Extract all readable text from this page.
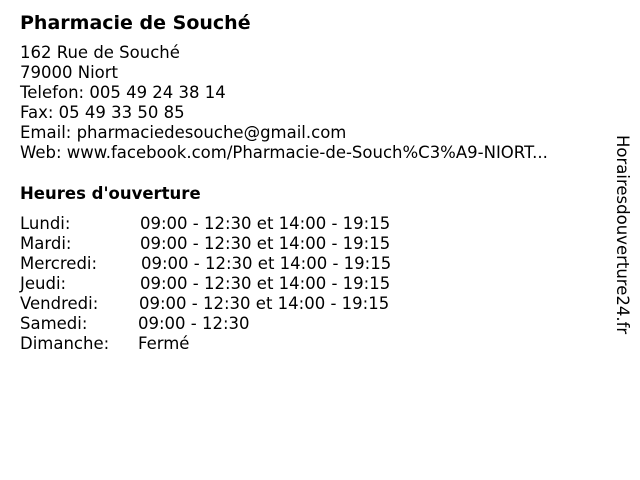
Pharmacie de Souché
162 Rue de Souché
79000 Niort
Telefon: 005 49 24 38 14
Fax: 05 49 33 50 85
Email: pharmaciedesouche@gmail.com
Web: www.facebook.com/Pharmacie-de-Souch%C3%A9-NIORT...
Heures d'ouverture
Lundi:	09:00 - 12:30 et 14:00 - 19:15
Mardi:	09:00 - 12:30 et 14:00 - 19:15
Mercredi:	09:00 - 12:30 et 14:00 - 19:15
Jeudi:	09:00 - 12:30 et 14:00 - 19:15
Vendredi: 09:00 - 12:30 et 14:00 - 19:15
Samedi:	09:00 - 12:30
Dimanche: Fermé
Horairesdouverture24.fr
